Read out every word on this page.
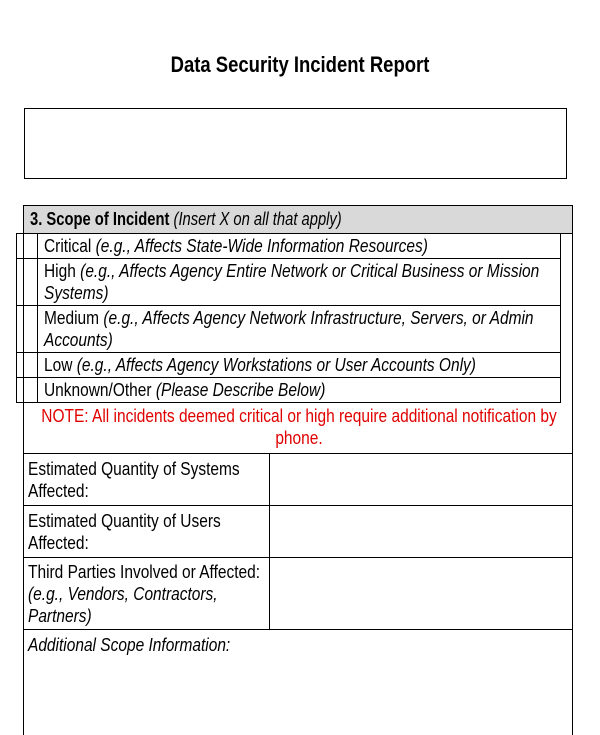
Data Security Incident Report
3. Scope of Incident (Insert X on all that apply)

	Critical (e.g., Affects State-Wide Information Resources)

	High (e.g., Affects Agency Entire Network or Critical Business or Mission Systems)

	Medium (e.g., Affects Agency Network Infrastructure, Servers, or Admin Accounts)

	Low (e.g., Affects Agency Workstations or User Accounts Only)

	Unknown/Other (Please Describe Below)
NOTE: All incidents deemed critical or high require additional notification by phone.
Estimated Quantity of Systems Affected:
Estimated Quantity of Users Affected:
Third Parties Involved or Affected:
(e.g., Vendors, Contractors, Partners)
Additional Scope Information:
